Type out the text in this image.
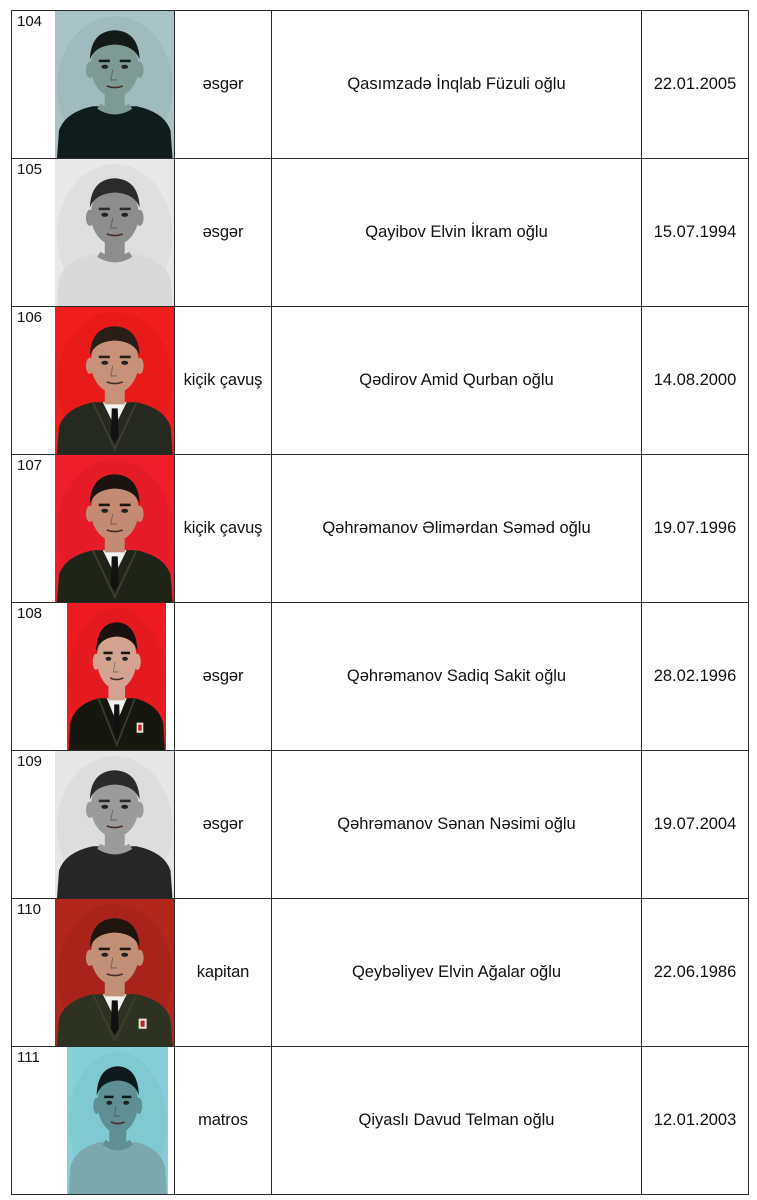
104		əsgər	Qasımzadə İnqlab Füzuli oğlu	22.01.2005
105		əsgər	Qayibov Elvin İkram oğlu	15.07.1994
106		kiçik çavuş	Qədirov Amid Qurban oğlu	14.08.2000
107		kiçik çavuş	Qəhrəmanov Əlimərdan Səməd oğlu	19.07.1996
108		əsgər	Qəhrəmanov Sadiq Sakit oğlu	28.02.1996
109		əsgər	Qəhrəmanov Sənan Nəsimi oğlu	19.07.2004
110		kapitan	Qeybəliyev Elvin Ağalar oğlu	22.06.1986
111		matros	Qiyaslı Davud Telman oğlu	12.01.2003
